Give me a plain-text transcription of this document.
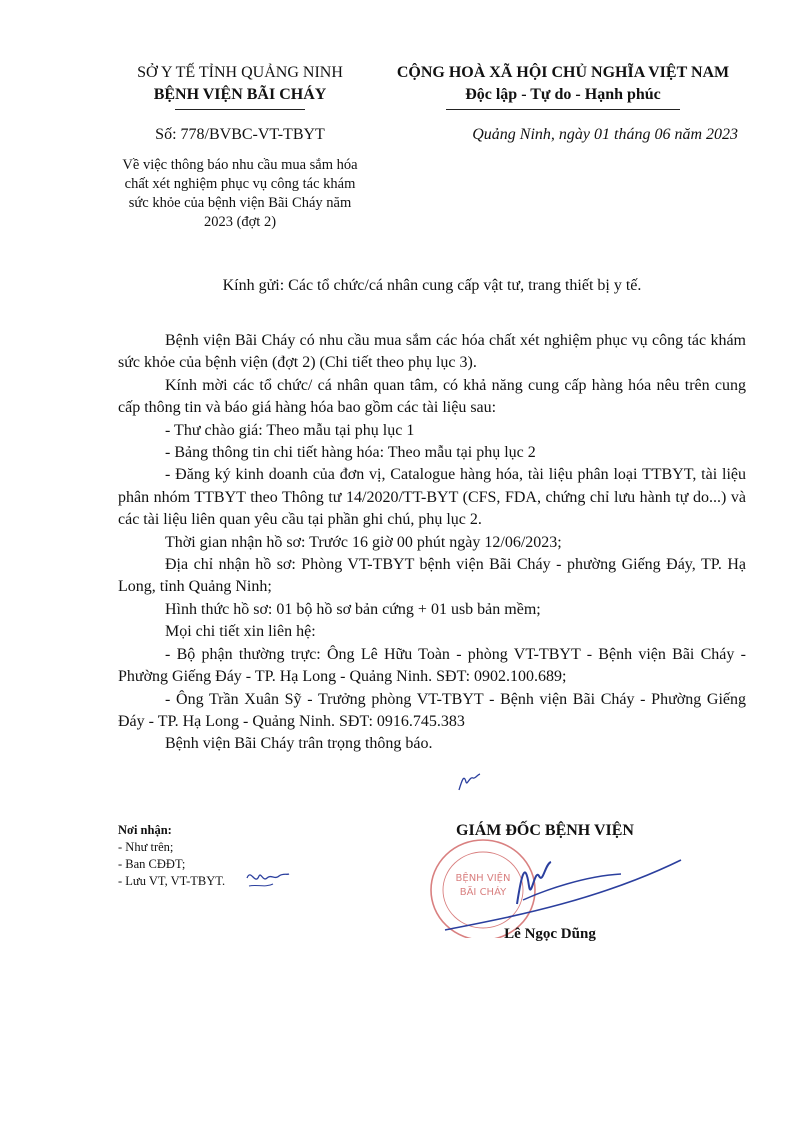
SỞ Y TẾ TỈNH QUẢNG NINH
BỆNH VIỆN BÃI CHÁY
CỘNG HOÀ XÃ HỘI CHỦ NGHĨA VIỆT NAM
Độc lập - Tự do - Hạnh phúc
Số: 778/BVBC-VT-TBYT	Quảng Ninh, ngày 01 tháng 06 năm 2023
Về việc thông báo nhu cầu mua sắm hóa chất xét nghiệm phục vụ công tác khám sức khỏe của bệnh viện Bãi Cháy năm 2023 (đợt 2)
Kính gửi: Các tổ chức/cá nhân cung cấp vật tư, trang thiết bị y tế.

Bệnh viện Bãi Cháy có nhu cầu mua sắm các hóa chất xét nghiệm phục vụ công tác khám sức khỏe của bệnh viện (đợt 2) (Chi tiết theo phụ lục 3).

Kính mời các tổ chức/ cá nhân quan tâm, có khả năng cung cấp hàng hóa nêu trên cung cấp thông tin và báo giá hàng hóa bao gồm các tài liệu sau:

- Thư chào giá: Theo mẫu tại phụ lục 1

- Bảng thông tin chi tiết hàng hóa: Theo mẫu tại phụ lục 2

- Đăng ký kinh doanh của đơn vị, Catalogue hàng hóa, tài liệu phân loại TTBYT, tài liệu phân nhóm TTBYT theo Thông tư 14/2020/TT-BYT (CFS, FDA, chứng chỉ lưu hành tự do...) và các tài liệu liên quan yêu cầu tại phần ghi chú, phụ lục 2.

Thời gian nhận hồ sơ: Trước 16 giờ 00 phút ngày 12/06/2023;

Địa chỉ nhận hồ sơ: Phòng VT-TBYT bệnh viện Bãi Cháy - phường Giếng Đáy, TP. Hạ Long, tỉnh Quảng Ninh;

Hình thức hồ sơ: 01 bộ hồ sơ bản cứng + 01 usb bản mềm;

Mọi chi tiết xin liên hệ:

- Bộ phận thường trực: Ông Lê Hữu Toàn - phòng VT-TBYT - Bệnh viện Bãi Cháy - Phường Giếng Đáy - TP. Hạ Long - Quảng Ninh. SĐT: 0902.100.689;

- Ông Trần Xuân Sỹ - Trưởng phòng VT-TBYT - Bệnh viện Bãi Cháy - Phường Giếng Đáy - TP. Hạ Long - Quảng Ninh. SĐT: 0916.745.383

Bệnh viện Bãi Cháy trân trọng thông báo.

Nơi nhận:
- Như trên;
- Ban CĐĐT;
- Lưu VT, VT-TBYT.
GIÁM ĐỐC BỆNH VIỆN
BỆNH VIỆN
BÃI CHÁY
Lê Ngọc Dũng
